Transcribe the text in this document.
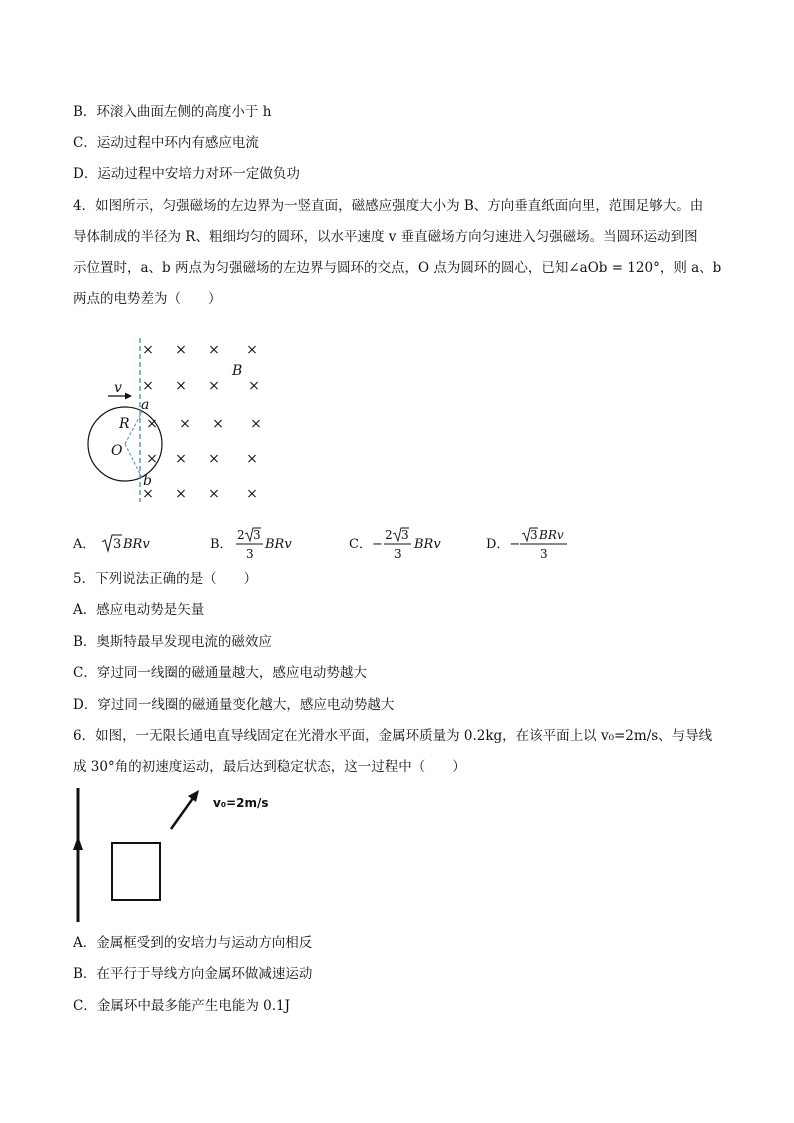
B．环滚入曲面左侧的高度小于 h
C．运动过程中环内有感应电流
D．运动过程中安培力对环一定做负功
4．如图所示，匀强磁场的左边界为一竖直面，磁感应强度大小为 B、方向垂直纸面向里，范围足够大。由
导体制成的半径为 R、粗细均匀的圆环，以水平速度 v 垂直磁场方向匀速进入匀强磁场。当圆环运动到图
示位置时，a、b 两点为匀强磁场的左边界与圆环的交点，O 点为圆环的圆心，已知∠aOb = 120°，则 a、b
两点的电势差为（　　）
× × × ×
× × × ×
× × × ×
× × × ×
× × × ×
B
v
a
b
R
O
A． 3 BRv	B．
2 3
3
BRv	C．−
2 3
3
BRv	D．−
3 BRv
3
5．下列说法正确的是（　　）
A．感应电动势是矢量
B．奥斯特最早发现电流的磁效应
C．穿过同一线圈的磁通量越大，感应电动势越大
D．穿过同一线圈的磁通量变化越大，感应电动势越大
6．如图，一无限长通电直导线固定在光滑水平面，金属环质量为 0.2kg，在该平面上以 v₀=2m/s、与导线
成 30°角的初速度运动，最后达到稳定状态，这一过程中（　　）
v₀=2m/s
A．金属框受到的安培力与运动方向相反
B．在平行于导线方向金属环做减速运动
C．金属环中最多能产生电能为 0.1J
